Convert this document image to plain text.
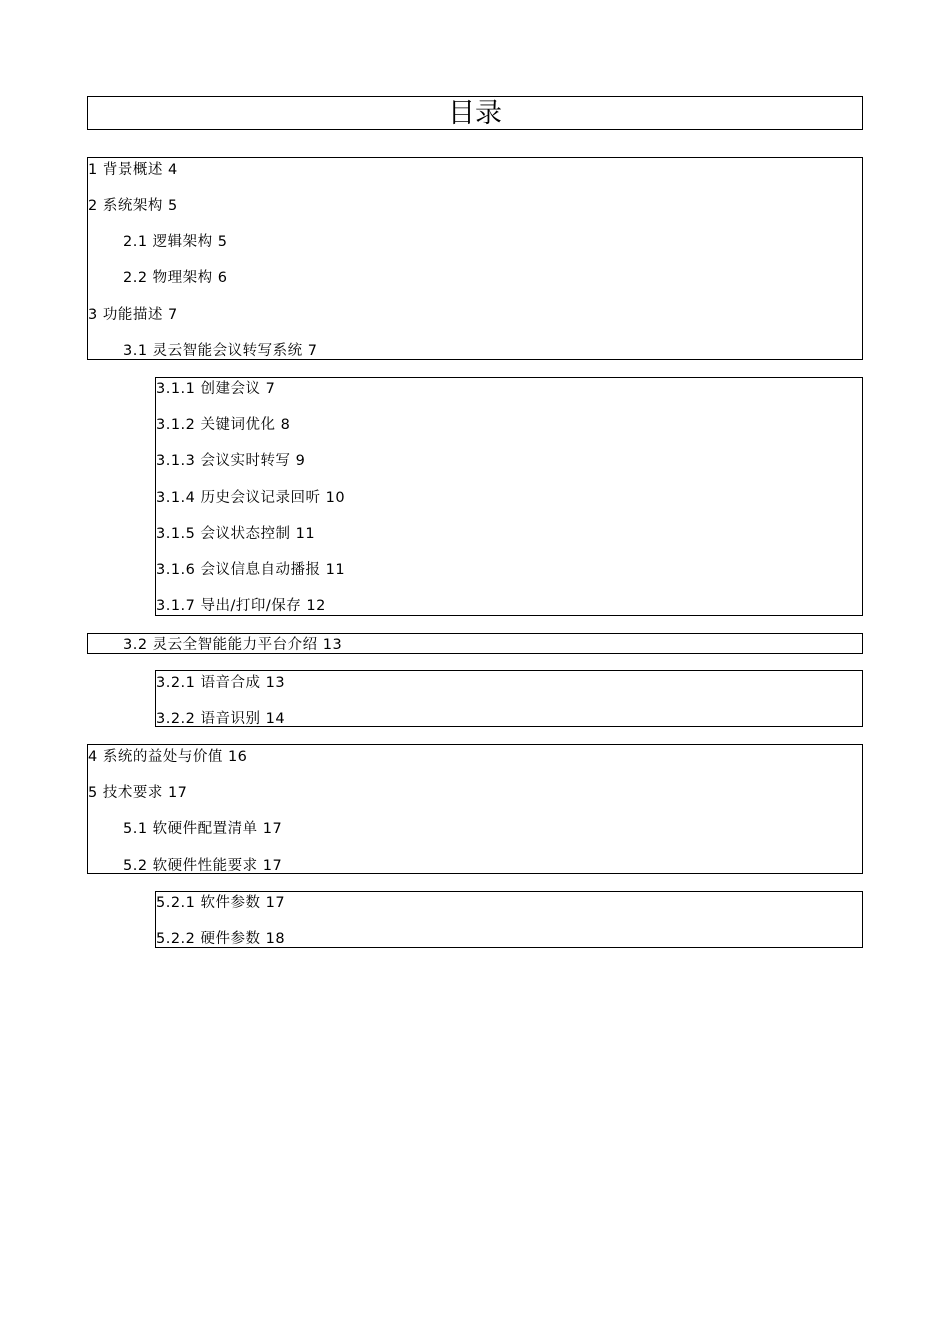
目录
1 背景概述 4
2 系统架构 5
2.1 逻辑架构 5
2.2 物理架构 6
3 功能描述 7
3.1 灵云智能会议转写系统 7
3.1.1 创建会议 7
3.1.2 关键词优化 8
3.1.3 会议实时转写 9
3.1.4 历史会议记录回听 10
3.1.5 会议状态控制 11
3.1.6 会议信息自动播报 11
3.1.7 导出/打印/保存 12
3.2 灵云全智能能力平台介绍 13
3.2.1 语音合成 13
3.2.2 语音识别 14
4 系统的益处与价值 16
5 技术要求 17
5.1 软硬件配置清单 17
5.2 软硬件性能要求 17
5.2.1 软件参数 17
5.2.2 硬件参数 18
